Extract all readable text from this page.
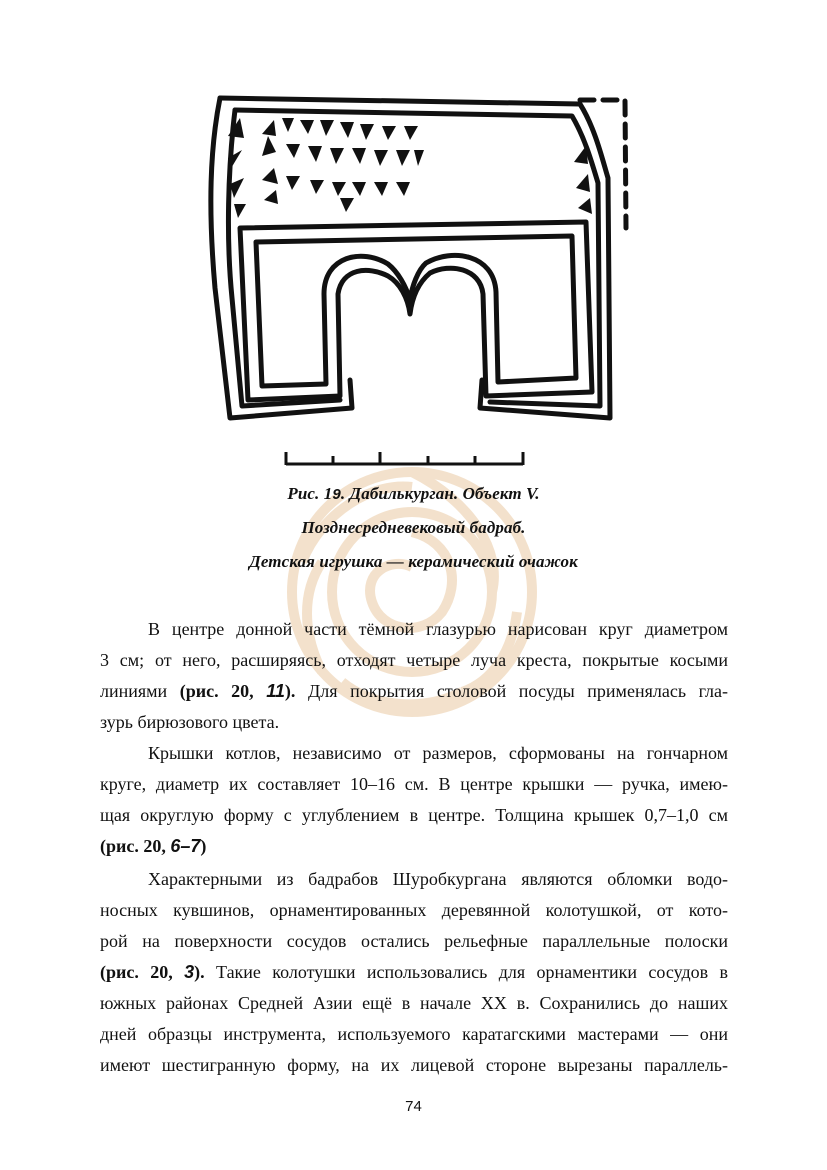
Рис. 19. Дабилькурган. Объект V.
Позднесредневековый бадраб.
Детская игрушка — керамический очажок
В центре донной части тёмной глазурью нарисован круг диаметром
3 см; от него, расширяясь, отходят четыре луча креста, покрытые косыми
линиями (рис. 20, 11). Для покрытия столовой посуды применялась гла-
зурь бирюзового цвета.
Крышки котлов, независимо от размеров, сформованы на гончарном
круге, диаметр их составляет 10–16 см. В центре крышки — ручка, имею-
щая округлую форму с углублением в центре. Толщина крышек 0,7–1,0 см
(рис. 20, 6–7)
Характерными из бадрабов Шуробкургана являются обломки водо-
носных кувшинов, орнаментированных деревянной колотушкой, от кото-
рой на поверхности сосудов остались рельефные параллельные полоски
(рис. 20, 3). Такие колотушки использовались для орнаментики сосудов в
южных районах Средней Азии ещё в начале XX в. Сохранились до наших
дней образцы инструмента, используемого каратагскими мастерами — они
имеют шестигранную форму, на их лицевой стороне вырезаны параллель-
74
